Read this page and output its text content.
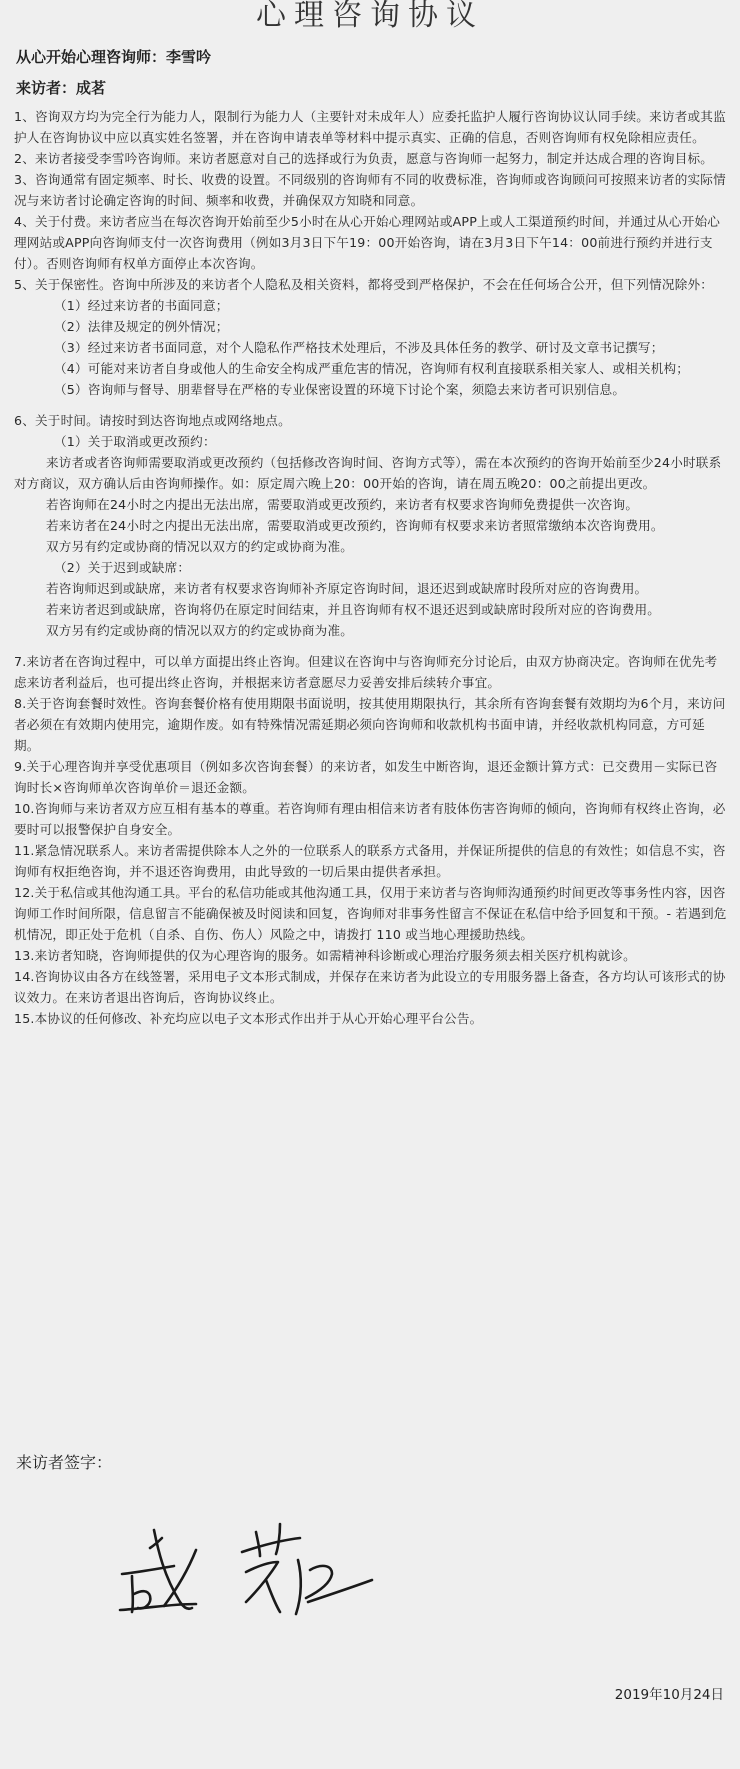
心理咨询协议
从心开始心理咨询师：李雪吟
来访者：成茗

1、咨询双方均为完全行为能力人，限制行为能力人（主要针对未成年人）应委托监护人履行咨询协议认同手续。来访者或其监护人在咨询协议中应以真实姓名签署，并在咨询申请表单等材料中提示真实、正确的信息，否则咨询师有权免除相应责任。

2、来访者接受李雪吟咨询师。来访者愿意对自己的选择或行为负责，愿意与咨询师一起努力，制定并达成合理的咨询目标。

3、咨询通常有固定频率、时长、收费的设置。不同级别的咨询师有不同的收费标准，咨询师或咨询顾问可按照来访者的实际情况与来访者讨论确定咨询的时间、频率和收费，并确保双方知晓和同意。

4、关于付费。来访者应当在每次咨询开始前至少5小时在从心开始心理网站或APP上或人工渠道预约时间，并通过从心开始心理网站或APP向咨询师支付一次咨询费用（例如3月3日下午19：00开始咨询，请在3月3日下午14：00前进行预约并进行支付）。否则咨询师有权单方面停止本次咨询。

5、关于保密性。咨询中所涉及的来访者个人隐私及相关资料，都将受到严格保护，不会在任何场合公开，但下列情况除外：

（1）经过来访者的书面同意；

（2）法律及规定的例外情况；

（3）经过来访者书面同意，对个人隐私作严格技术处理后，不涉及具体任务的教学、研讨及文章书记撰写；

（4）可能对来访者自身或他人的生命安全构成严重危害的情况，咨询师有权利直接联系相关家人、或相关机构；

（5）咨询师与督导、朋辈督导在严格的专业保密设置的环境下讨论个案，须隐去来访者可识别信息。

6、关于时间。请按时到达咨询地点或网络地点。

（1）关于取消或更改预约：

来访者或者咨询师需要取消或更改预约（包括修改咨询时间、咨询方式等），需在本次预约的咨询开始前至少24小时联系对方商议，双方确认后由咨询师操作。如：原定周六晚上20：00开始的咨询，请在周五晚20：00之前提出更改。

若咨询师在24小时之内提出无法出席，需要取消或更改预约，来访者有权要求咨询师免费提供一次咨询。

若来访者在24小时之内提出无法出席，需要取消或更改预约，咨询师有权要求来访者照常缴纳本次咨询费用。

双方另有约定或协商的情况以双方的约定或协商为准。

（2）关于迟到或缺席：

若咨询师迟到或缺席，来访者有权要求咨询师补齐原定咨询时间，退还迟到或缺席时段所对应的咨询费用。

若来访者迟到或缺席，咨询将仍在原定时间结束，并且咨询师有权不退还迟到或缺席时段所对应的咨询费用。

双方另有约定或协商的情况以双方的约定或协商为准。

7.来访者在咨询过程中，可以单方面提出终止咨询。但建议在咨询中与咨询师充分讨论后，由双方协商决定。咨询师在优先考虑来访者利益后，也可提出终止咨询，并根据来访者意愿尽力妥善安排后续转介事宜。

8.关于咨询套餐时效性。咨询套餐价格有使用期限书面说明，按其使用期限执行，其余所有咨询套餐有效期均为6个月，来访问者必须在有效期内使用完，逾期作废。如有特殊情况需延期必须向咨询师和收款机构书面申请，并经收款机构同意，方可延期。

9.关于心理咨询并享受优惠项目（例如多次咨询套餐）的来访者，如发生中断咨询，退还金额计算方式：已交费用－实际已咨询时长×咨询师单次咨询单价＝退还金额。

10.咨询师与来访者双方应互相有基本的尊重。若咨询师有理由相信来访者有肢体伤害咨询师的倾向，咨询师有权终止咨询，必要时可以报警保护自身安全。

11.紧急情况联系人。来访者需提供除本人之外的一位联系人的联系方式备用，并保证所提供的信息的有效性；如信息不实，咨询师有权拒绝咨询，并不退还咨询费用，由此导致的一切后果由提供者承担。

12.关于私信或其他沟通工具。平台的私信功能或其他沟通工具，仅用于来访者与咨询师沟通预约时间更改等事务性内容，因咨询师工作时间所限，信息留言不能确保被及时阅读和回复，咨询师对非事务性留言不保证在私信中给予回复和干预。- 若遇到危机情况，即正处于危机（自杀、自伤、伤人）风险之中，请拨打 110 或当地心理援助热线。

13.来访者知晓，咨询师提供的仅为心理咨询的服务。如需精神科诊断或心理治疗服务须去相关医疗机构就诊。

14.咨询协议由各方在线签署，采用电子文本形式制成，并保存在来访者为此设立的专用服务器上备查，各方均认可该形式的协议效力。在来访者退出咨询后，咨询协议终止。

15.本协议的任何修改、补充均应以电子文本形式作出并于从心开始心理平台公告。

来访者签字：
2019年10月24日
